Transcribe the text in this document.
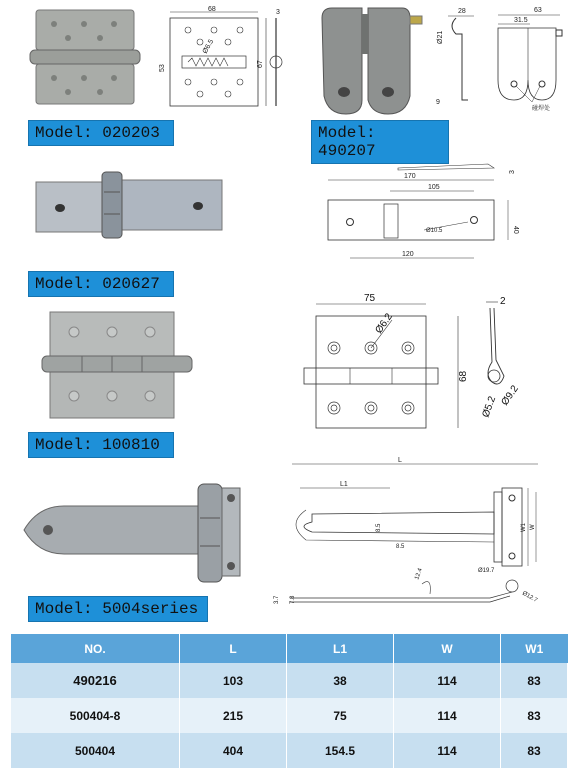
68
Ø6.5
53
67
3
Model: 020203
28
Ø21
9
63
31.5
碰焊处
Model: 490207
3
170
105
Ø10.5	40
120
Model: 020627
75
Ø6.2
68
2
Ø9.2
Ø5.2
Model: 100810
L
L1
W1 W
8.5
8.5
Ø19.7
Ø12.7
12.4
3.7 7.8
Model: 5004series
NO.	L	L1	W	W1
490216	103	38	114	83
500404-8	215	75	114	83
500404	404	154.5	114	83
